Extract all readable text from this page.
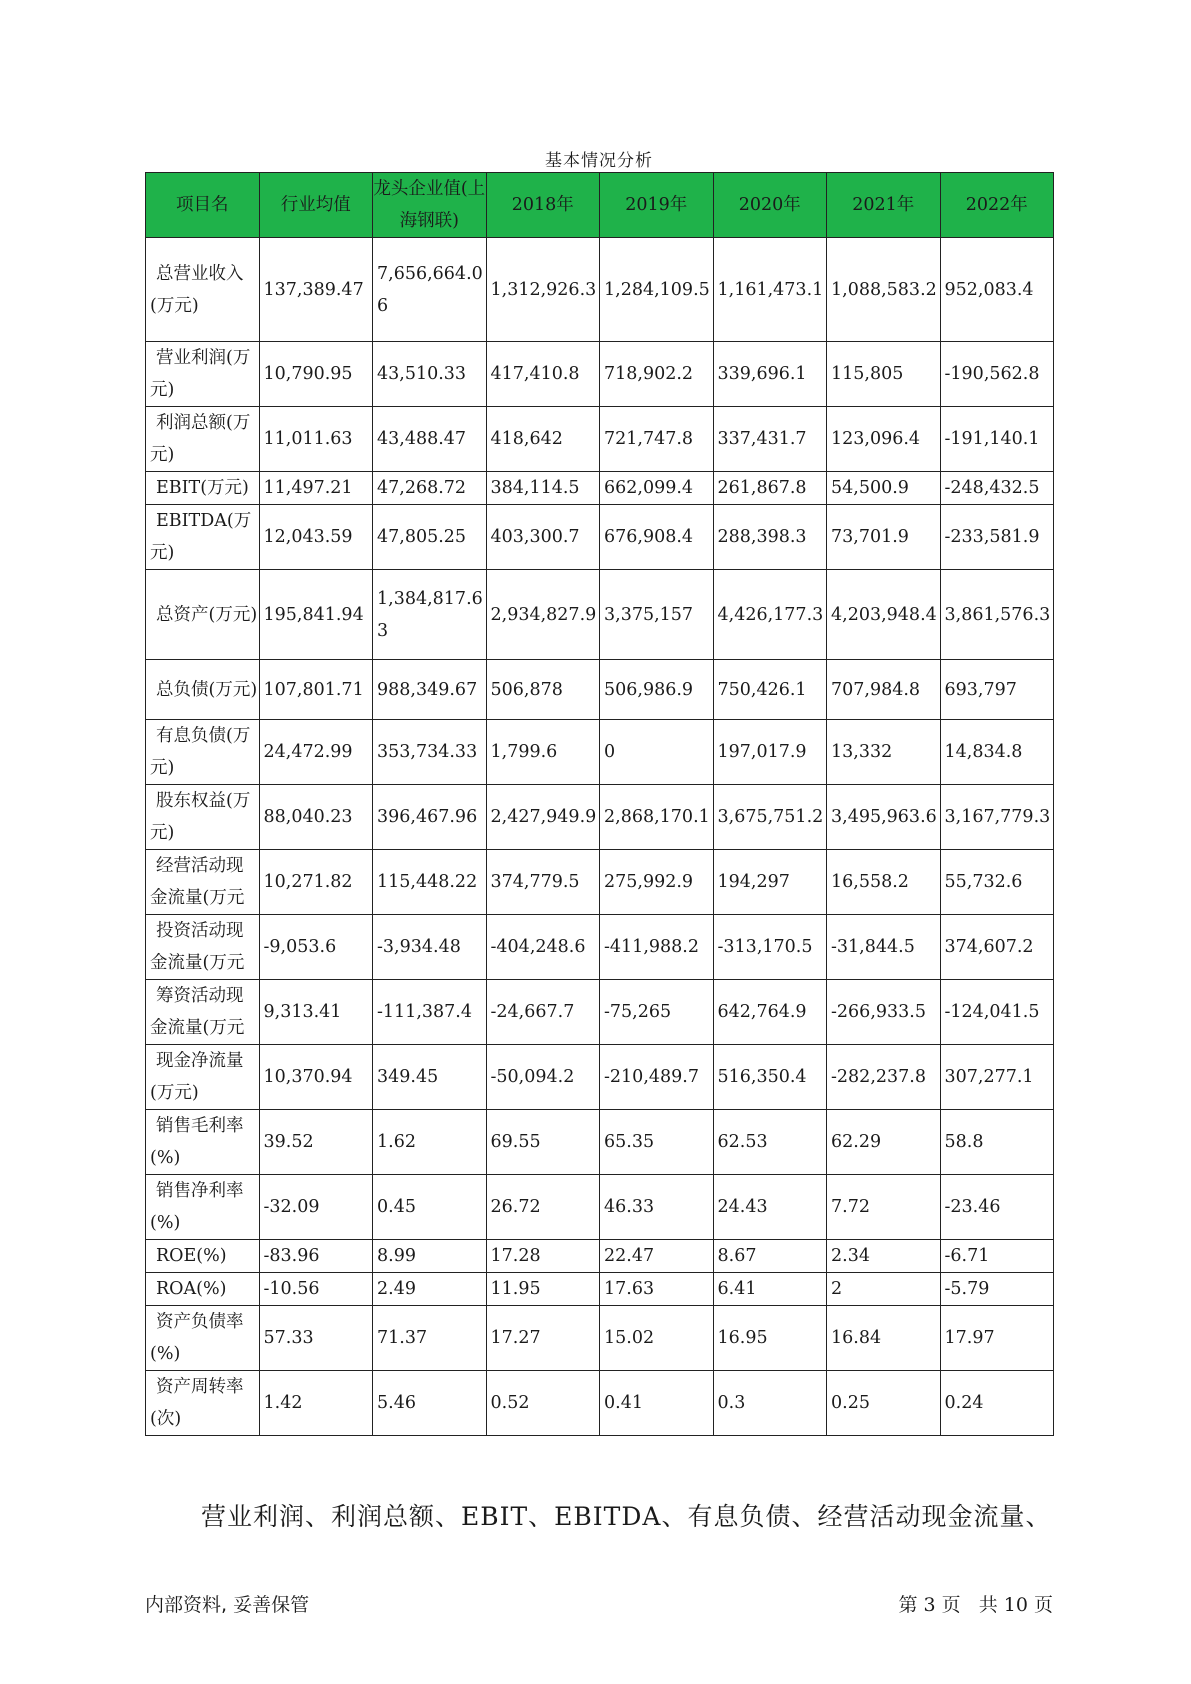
基本情况分析
项目名	行业均值	龙头企业值(上海钢联)	2018年	2019年	2020年	2021年	2022年
总营业收入(万元)	137,389.47	7,656,664.06	1,312,926.3	1,284,109.5	1,161,473.1	1,088,583.2	952,083.4
营业利润(万元)	10,790.95	43,510.33	417,410.8	718,902.2	339,696.1	115,805	-190,562.8
利润总额(万元)	11,011.63	43,488.47	418,642	721,747.8	337,431.7	123,096.4	-191,140.1
EBIT(万元)	11,497.21	47,268.72	384,114.5	662,099.4	261,867.8	54,500.9	-248,432.5
EBITDA(万元)	12,043.59	47,805.25	403,300.7	676,908.4	288,398.3	73,701.9	-233,581.9
总资产(万元)	195,841.94	1,384,817.63	2,934,827.9	3,375,157	4,426,177.3	4,203,948.4	3,861,576.3
总负债(万元)	107,801.71	988,349.67	506,878	506,986.9	750,426.1	707,984.8	693,797
有息负债(万元)	24,472.99	353,734.33	1,799.6	0	197,017.9	13,332	14,834.8
股东权益(万元)	88,040.23	396,467.96	2,427,949.9	2,868,170.1	3,675,751.2	3,495,963.6	3,167,779.3
经营活动现金流量(万元	10,271.82	115,448.22	374,779.5	275,992.9	194,297	16,558.2	55,732.6
投资活动现金流量(万元	-9,053.6	-3,934.48	-404,248.6	-411,988.2	-313,170.5	-31,844.5	374,607.2
筹资活动现金流量(万元	9,313.41	-111,387.4	-24,667.7	-75,265	642,764.9	-266,933.5	-124,041.5
现金净流量(万元)	10,370.94	349.45	-50,094.2	-210,489.7	516,350.4	-282,237.8	307,277.1
销售毛利率(%)	39.52	1.62	69.55	65.35	62.53	62.29	58.8
销售净利率(%)	-32.09	0.45	26.72	46.33	24.43	7.72	-23.46
ROE(%)	-83.96	8.99	17.28	22.47	8.67	2.34	-6.71
ROA(%)	-10.56	2.49	11.95	17.63	6.41	2	-5.79
资产负债率(%)	57.33	71.37	17.27	15.02	16.95	16.84	17.97
资产周转率(次)	1.42	5.46	0.52	0.41	0.3	0.25	0.24
营业利润、利润总额、EBIT、EBITDA、有息负债、经营活动现金流量、
内部资料, 妥善保管	第 3 页   共 10 页
